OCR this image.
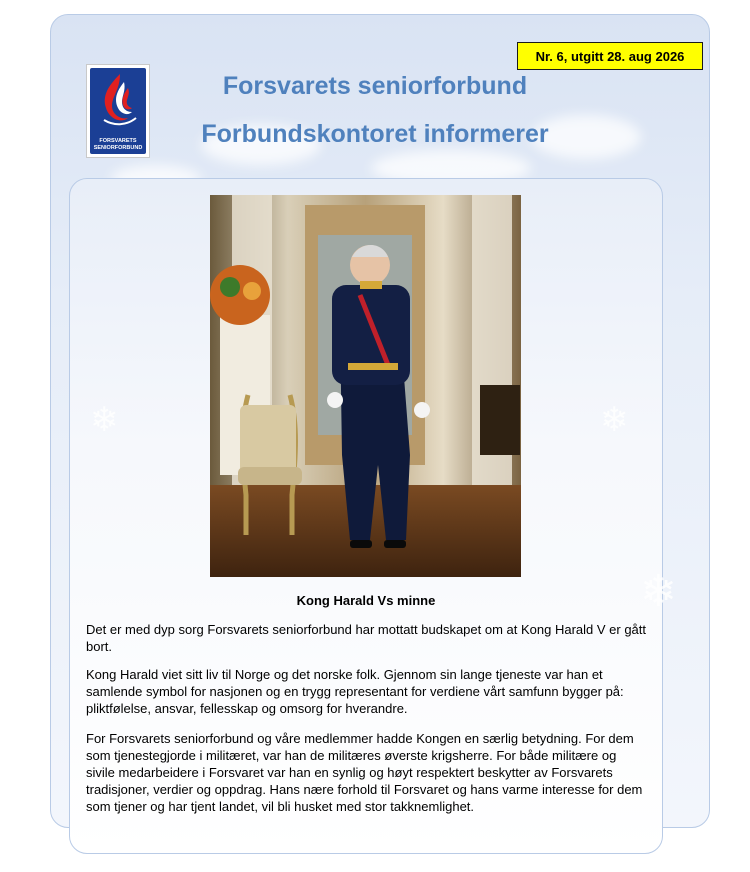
Nr. 6, utgitt 28. aug 2026
FORSVARETS
SENIORFORBUND
Forsvarets seniorforbund
Forbundskontoret informerer
❄
❄	❄
Kong Harald Vs minne

Det er med dyp sorg Forsvarets seniorforbund har mottatt budskapet om at Kong Harald V er gått bort.

Kong Harald viet sitt liv til Norge og det norske folk. Gjennom sin lange tjeneste var han et samlende symbol for nasjonen og en trygg representant for verdiene vårt samfunn bygger på: pliktfølelse, ansvar, fellesskap og omsorg for hverandre.

For Forsvarets seniorforbund og våre medlemmer hadde Kongen en særlig betydning. For dem som tjenestegjorde i militæret, var han de militæres øverste krigsherre. For både militære og sivile medarbeidere i Forsvaret var han en synlig og høyt respektert beskytter av Forsvarets tradisjoner, verdier og oppdrag. Hans nære forhold til Forsvaret og hans varme interesse for dem som tjener og har tjent landet, vil bli husket med stor takknemlighet.
